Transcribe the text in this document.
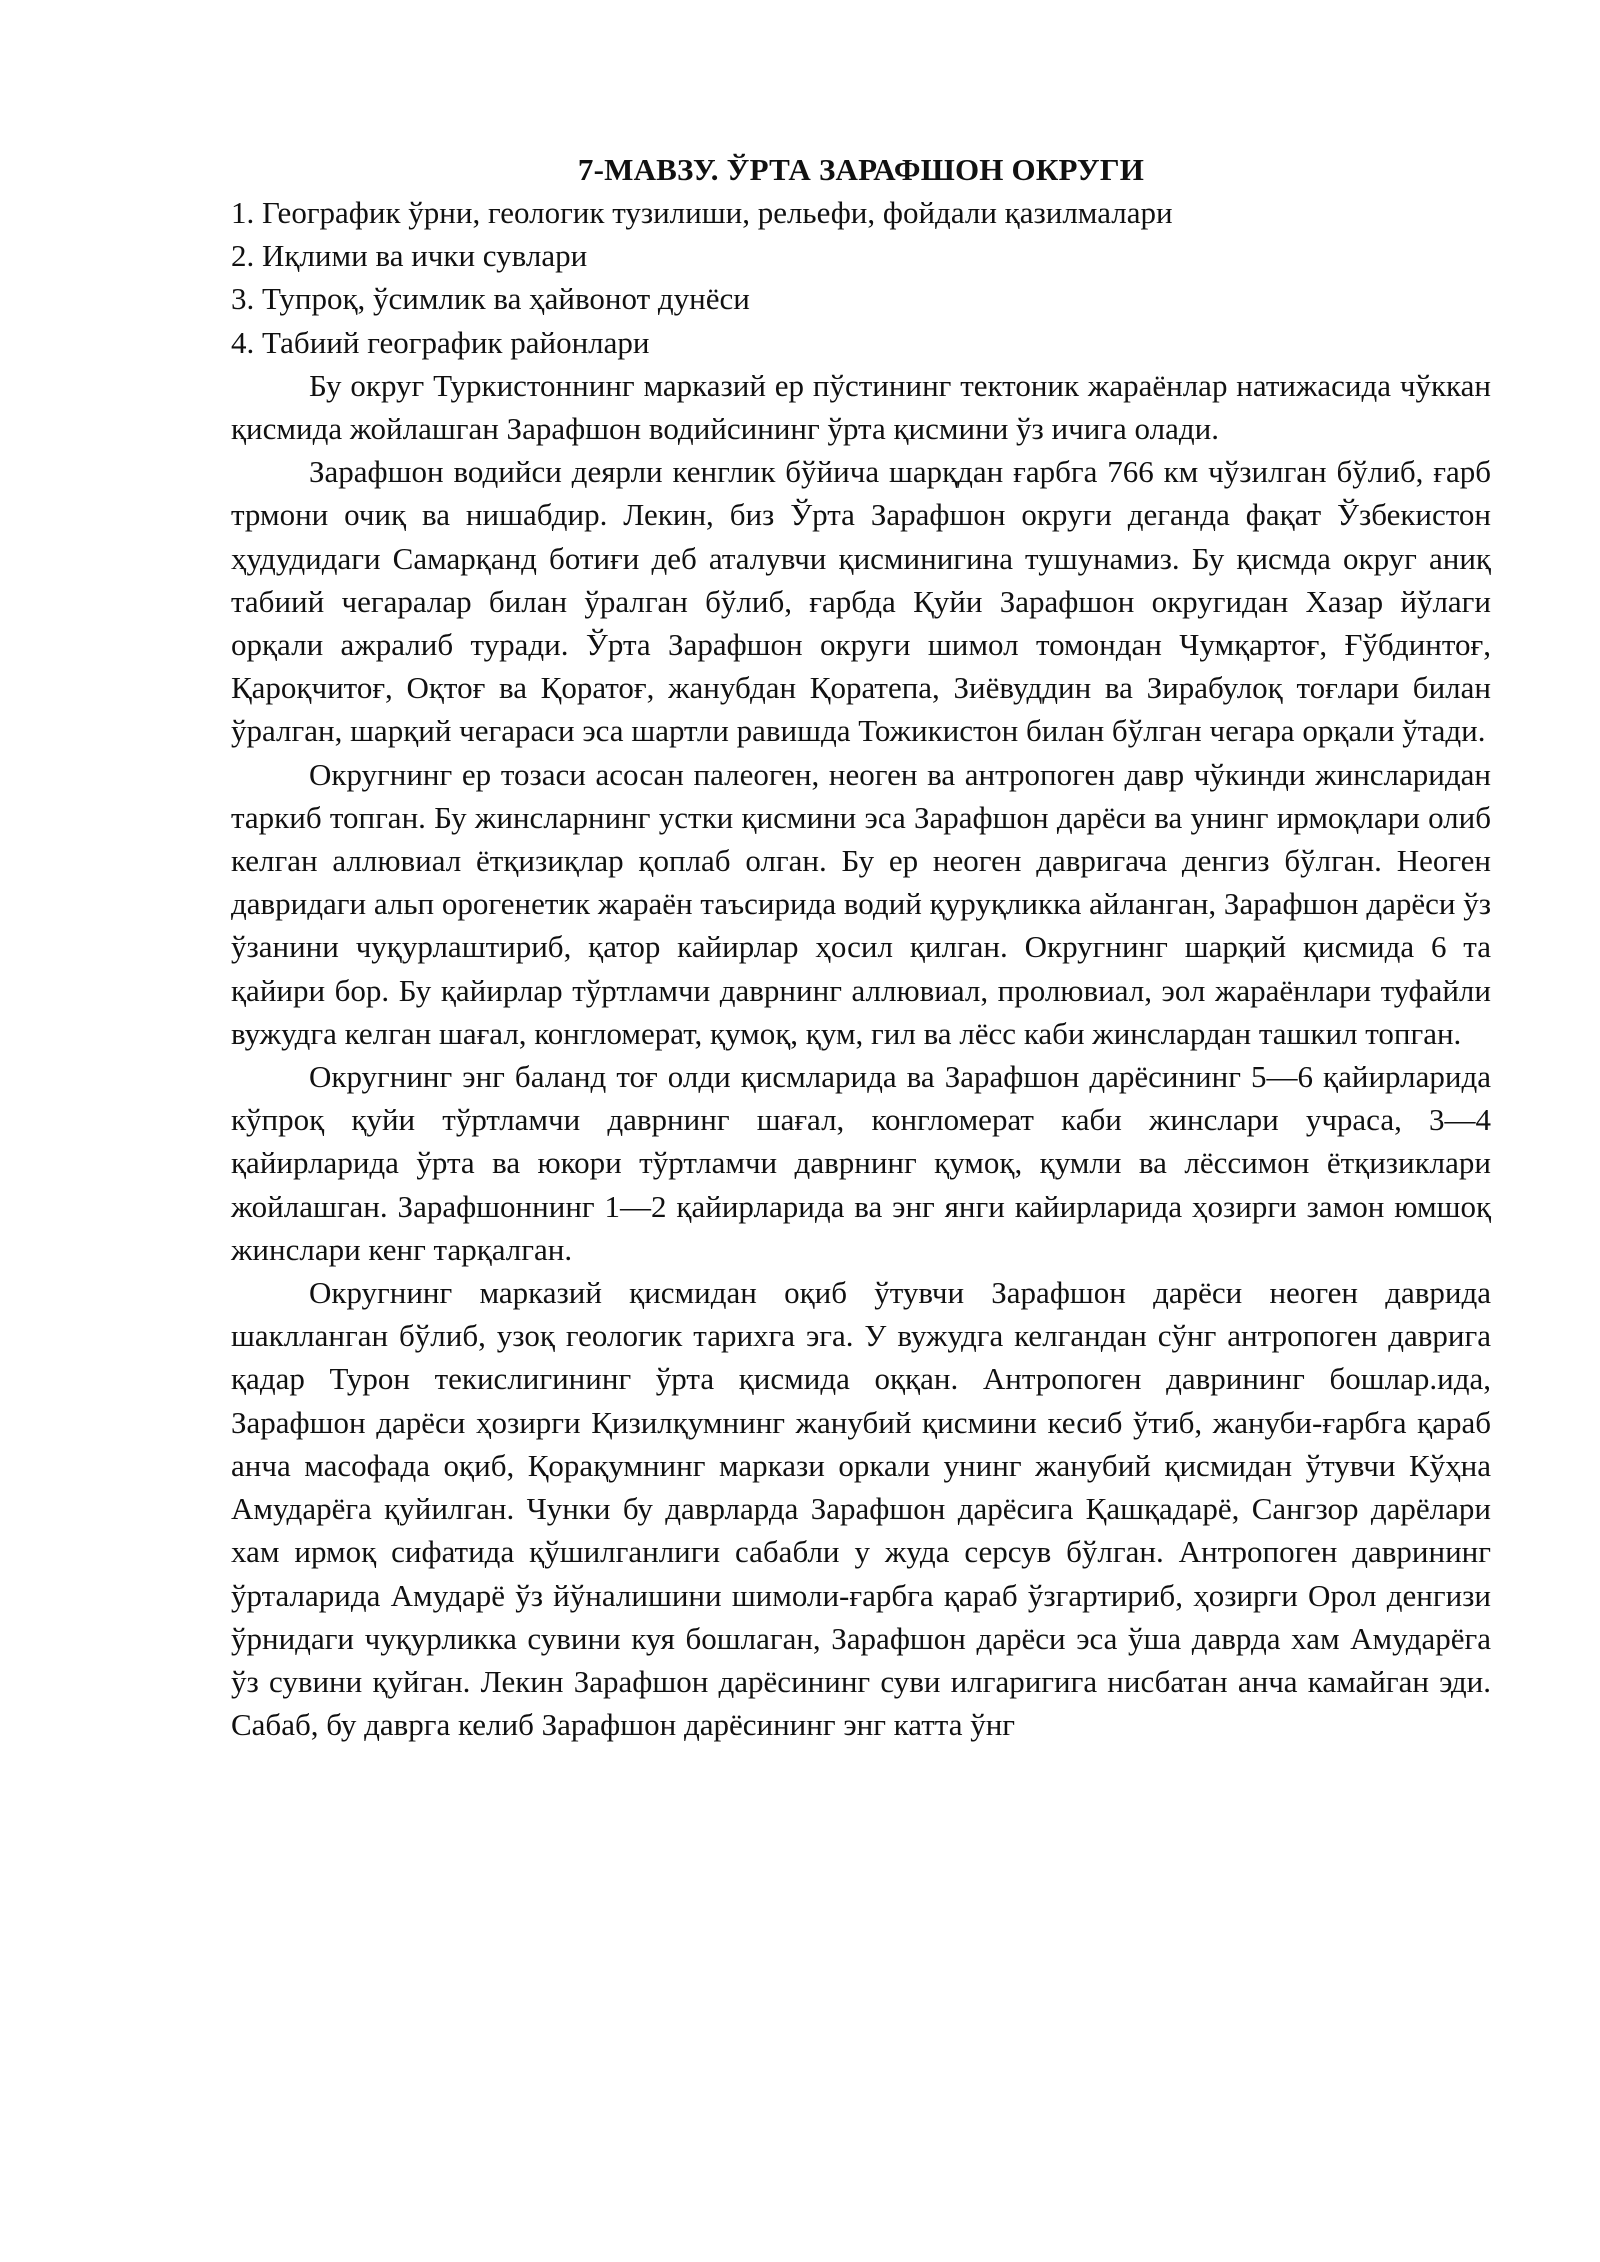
7-МАВЗУ. ЎРТА ЗАРАФШОН ОКРУГИ
1. Географик ўрни, геологик тузилиши, рельефи, фойдали қазилмалари
2. Иқлими ва ички сувлари
3. Тупроқ, ўсимлик ва ҳайвонот дунёси
4. Табиий географик районлари

Бу округ Туркистоннинг марказий ер пўстининг тектоник жараёнлар натижасида чўккан қисмида жойлашган Зарафшон водийсининг ўрта қисмини ўз ичига олади.

Зарафшон водийси деярли кенглик бўйича шарқдан ғарбга 766 км чўзилган бўлиб, ғарб трмони очиқ ва нишабдир. Лекин, биз Ўрта Зарафшон округи деганда фақат Ўзбекистон ҳудудидаги Самарқанд ботиғи деб аталувчи қисминигина тушунамиз. Бу қисмда округ аниқ табиий чегаралар билан ўралган бўлиб, ғарбда Қуйи Зарафшон округидан Хазар йўлаги орқали ажралиб туради. Ўрта Зарафшон округи шимол томондан Чумқартоғ, Ғўбдинтоғ, Қароқчитоғ, Оқтоғ ва Қоратоғ, жанубдан Қоратепа, Зиёвуддин ва Зирабулоқ тоғлари билан ўралган, шарқий чегараси эса шартли равишда Тожикистон билан бўлган чегара орқали ўтади.

Округнинг ер тозаси асосан палеоген, неоген ва антропоген давр чўкинди жинсларидан таркиб топган. Бу жинсларнинг устки қисмини эса Зарафшон дарёси ва унинг ирмоқлари олиб келган аллювиал ётқизиқлар қоплаб олган. Бу ер неоген давригача денгиз бўлган. Неоген давридаги альп орогенетик жараён таъсирида водий қуруқликка айланган, Зарафшон дарёси ўз ўзанини чуқурлаштириб, қатор кайирлар ҳосил қилган. Округнинг шарқий қисмида 6 та қайири бор. Бу қайирлар тўртламчи даврнинг аллювиал, пролювиал, эол жараёнлари туфайли вужудга келган шағал, конгломерат, қумоқ, қум, гил ва лёсс каби жинслардан ташкил топган.

Округнинг энг баланд тоғ олди қисмларида ва Зарафшон дарёсининг 5—6 қайирларида кўпроқ қуйи тўртламчи даврнинг шағал, конгломерат каби жинслари учраса, 3—4 қайирларида ўрта ва юкори тўртламчи даврнинг қумоқ, қумли ва лёссимон ётқизиклари жойлашган. Зарафшоннинг 1—2 қайирларида ва энг янги кайирларида ҳозирги замон юмшоқ жинслари кенг тарқалган.

Округнинг марказий қисмидан оқиб ўтувчи Зарафшон дарёси неоген даврида шаклланган бўлиб, узоқ геологик тарихга эга. У вужудга келгандан сўнг антропоген даврига қадар Турон текислигининг ўрта қисмида оққан. Антропоген даврининг бошлар.ида, Зарафшон дарёси ҳозирги Қизилқумнинг жанубий қисмини кесиб ўтиб, жануби-ғарбга қараб анча масофада оқиб, Қорақумнинг маркази оркали унинг жанубий қисмидан ўтувчи Кўҳна Амударёга қуйилган. Чунки бу даврларда Зарафшон дарёсига Қашқадарё, Сангзор дарёлари хам ирмоқ сифатида қўшилганлиги сабабли у жуда серсув бўлган. Антропоген даврининг ўрталарида Амударё ўз йўналишини шимоли-ғарбга қараб ўзгартириб, ҳозирги Орол денгизи ўрнидаги чуқурликка сувини куя бошлаган, Зарафшон дарёси эса ўша даврда хам Амударёга ўз сувини қуйган. Лекин Зарафшон дарёсининг суви илгаригига нисбатан анча камайган эди. Сабаб, бу даврга келиб Зарафшон дарёсининг энг катта ўнг
